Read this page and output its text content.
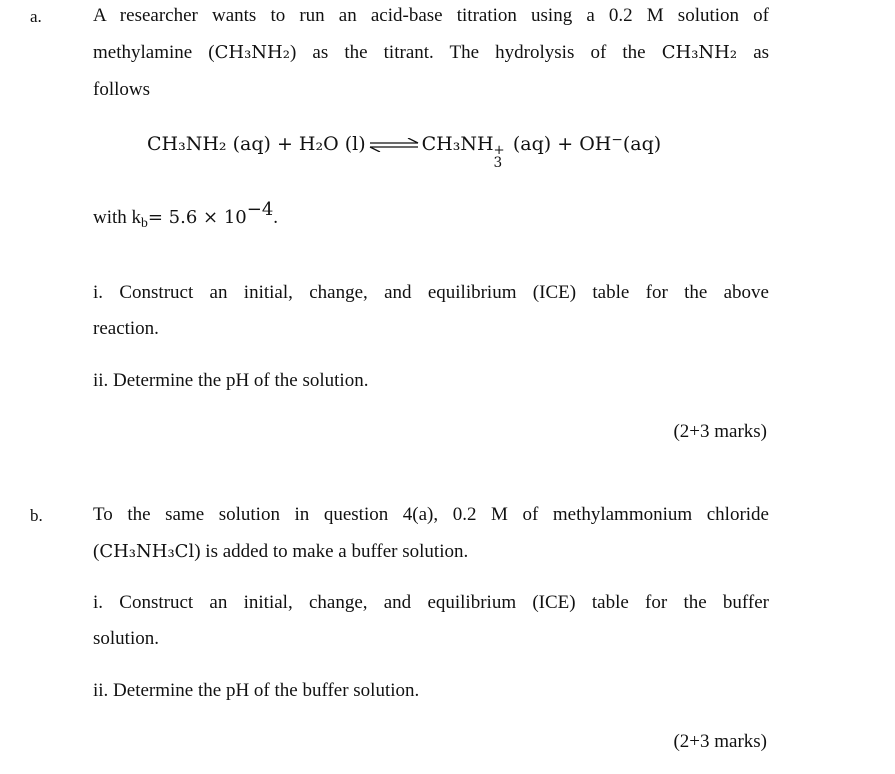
a.	A researcher wants to run an acid-base titration using a 0.2 M solution of
methylamine (CH₃NH₂) as the titrant. The hydrolysis of the CH₃NH₂ as
follows
CH₃NH₂ (aq) + H₂O (l) ⇌ CH₃NH +
3
(aq) + OH−(aq)
with $k_b= 5.6 \times 10^{-4}$.
i. Construct an initial, change, and equilibrium (ICE) table for the above
reaction.
ii. Determine the pH of the solution.
(2+3 marks)
b.	To the same solution in question 4(a), 0.2 M of methylammonium chloride
(CH₃NH₃Cl) is added to make a buffer solution.
i. Construct an initial, change, and equilibrium (ICE) table for the buffer
solution.
ii. Determine the pH of the buffer solution.
(2+3 marks)
